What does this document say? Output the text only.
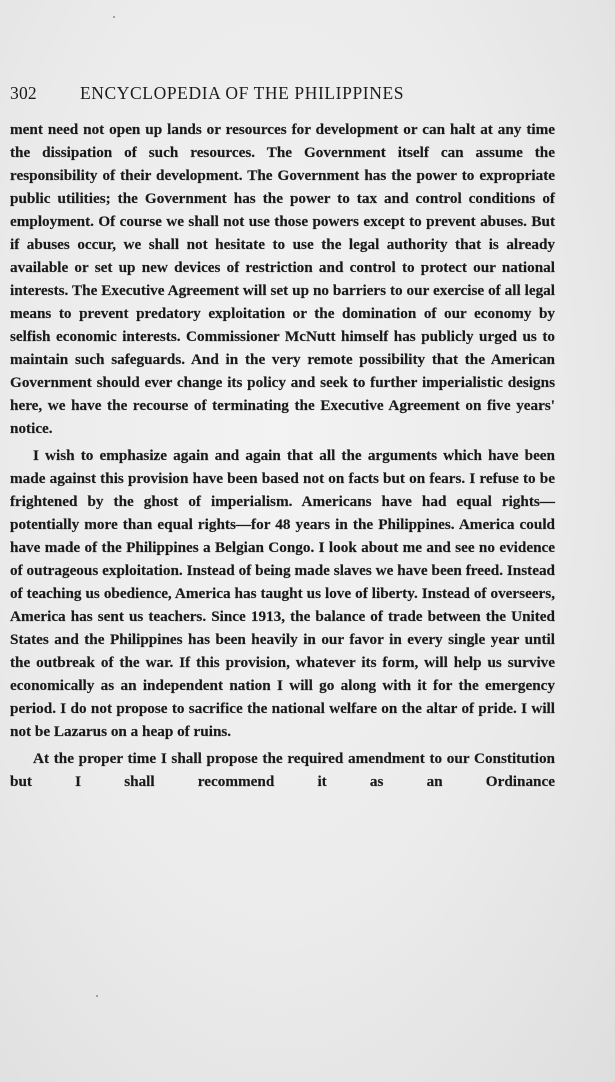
302 ENCYCLOPEDIA OF THE PHILIPPINES

ment need not open up lands or resources for development or can halt at any time the dissipation of such resources. The Government itself can assume the responsibility of their development. The Government has the power to expropriate public utilities; the Government has the power to tax and control conditions of employment. Of course we shall not use those powers except to prevent abuses. But if abuses occur, we shall not hesitate to use the legal authority that is already available or set up new devices of restriction and control to protect our national interests. The Executive Agreement will set up no barriers to our exercise of all legal means to prevent predatory exploitation or the domination of our economy by selfish economic interests. Commissioner McNutt himself has publicly urged us to maintain such safeguards. And in the very remote possibility that the American Government should ever change its policy and seek to further imperialistic designs here, we have the recourse of terminating the Executive Agreement on five years' notice.

I wish to emphasize again and again that all the arguments which have been made against this provision have been based not on facts but on fears. I refuse to be frightened by the ghost of imperialism. Americans have had equal rights—potentially more than equal rights—for 48 years in the Philippines. America could have made of the Philippines a Belgian Congo. I look about me and see no evidence of outrageous exploitation. Instead of being made slaves we have been freed. Instead of teaching us obedience, America has taught us love of liberty. Instead of overseers, America has sent us teachers. Since 1913, the balance of trade between the United States and the Philippines has been heavily in our favor in every single year until the outbreak of the war. If this provision, whatever its form, will help us survive economically as an independent nation I will go along with it for the emergency period. I do not propose to sacrifice the national welfare on the altar of pride. I will not be Lazarus on a heap of ruins.

At the proper time I shall propose the required amendment to our Constitution but I shall recommend it as an Ordinance
